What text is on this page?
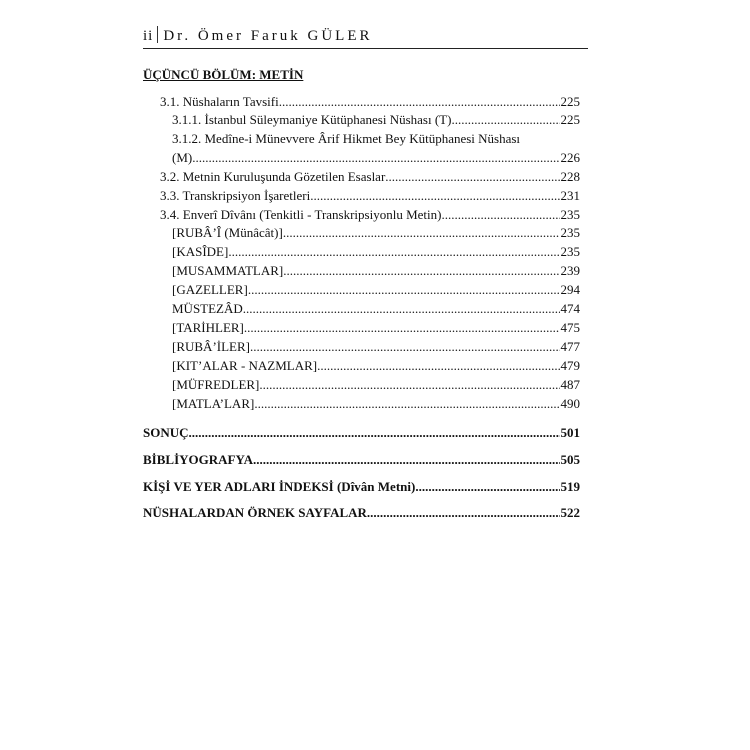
ii Dr. Ömer Faruk GÜLER
ÜÇÜNCÜ BÖLÜM: METİN
3.1. Nüshaların Tavsifi .....	225
3.1.1. İstanbul Süleymaniye Kütüphanesi Nüshası (T) .....	225
3.1.2. Medîne-i Münevvere Ârif Hikmet Bey Kütüphanesi Nüshası
(M) .....	226
3.2. Metnin Kuruluşunda Gözetilen Esaslar .....	228
3.3. Transkripsiyon İşaretleri .....	231
3.4. Enverî Dîvânı (Tenkitli - Transkripsiyonlu Metin) .....	235
[RUBÂ’Î (Münâcât)] .....	235
[KASÎDE] .....	235
[MUSAMMATLAR] .....	239
[GAZELLER] .....	294
MÜSTEZÂD .....	474
[TARİHLER] .....	475
[RUBÂ’İLER] .....	477
[KIT’ALAR - NAZMLAR] .....	479
[MÜFREDLER] .....	487
[MATLA’LAR] .....	490
SONUÇ .....	501
BİBLİYOGRAFYA .....	505
KİŞİ VE YER ADLARI İNDEKSİ (Dîvân Metni) .....	519
NÜSHALARDAN ÖRNEK SAYFALAR .....	522
